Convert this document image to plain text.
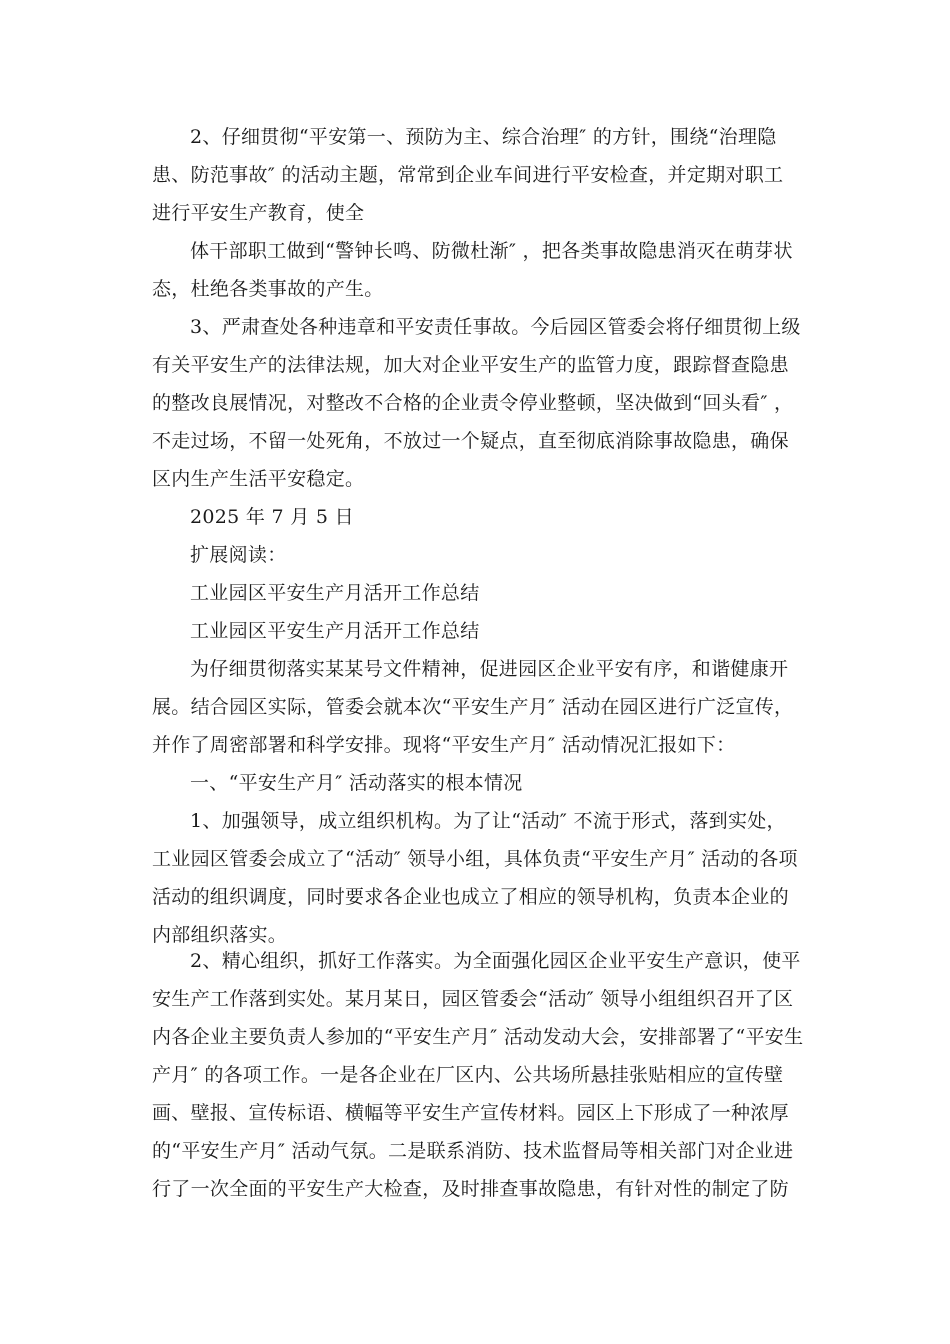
2、仔细贯彻“平安第一、预防为主、综合治理″ 的方针，围绕“治理隐
患、防范事故″ 的活动主题，常常到企业车间进行平安检查，并定期对职工
进行平安生产教育，使全

体干部职工做到“警钟长鸣、防微杜渐″ ，把各类事故隐患消灭在萌芽状
态，杜绝各类事故的产生。

3、严肃查处各种违章和平安责任事故。今后园区管委会将仔细贯彻上级
有关平安生产的法律法规，加大对企业平安生产的监管力度，跟踪督查隐患
的整改良展情况，对整改不合格的企业责令停业整顿，坚决做到“回头看″ ，
不走过场，不留一处死角，不放过一个疑点，直至彻底消除事故隐患，确保
区内生产生活平安稳定。

2025 年 7 月 5 日

扩展阅读：

工业园区平安生产月活开工作总结

工业园区平安生产月活开工作总结

为仔细贯彻落实某某号文件精神，促进园区企业平安有序，和谐健康开
展。结合园区实际，管委会就本次“平安生产月″ 活动在园区进行广泛宣传，
并作了周密部署和科学安排。现将“平安生产月″ 活动情况汇报如下：

一、“平安生产月″ 活动落实的根本情况

1、加强领导，成立组织机构。为了让“活动″ 不流于形式，落到实处，
工业园区管委会成立了“活动″ 领导小组，具体负责“平安生产月″ 活动的各项
活动的组织调度，同时要求各企业也成立了相应的领导机构，负责本企业的
内部组织落实。

2、精心组织，抓好工作落实。为全面强化园区企业平安生产意识，使平
安生产工作落到实处。某月某日，园区管委会“活动″ 领导小组组织召开了区
内各企业主要负责人参加的“平安生产月″ 活动发动大会，安排部署了“平安生
产月″ 的各项工作。一是各企业在厂区内、公共场所悬挂张贴相应的宣传壁
画、壁报、宣传标语、横幅等平安生产宣传材料。园区上下形成了一种浓厚
的“平安生产月″ 活动气氛。二是联系消防、技术监督局等相关部门对企业进
行了一次全面的平安生产大检查，及时排查事故隐患，有针对性的制定了防
